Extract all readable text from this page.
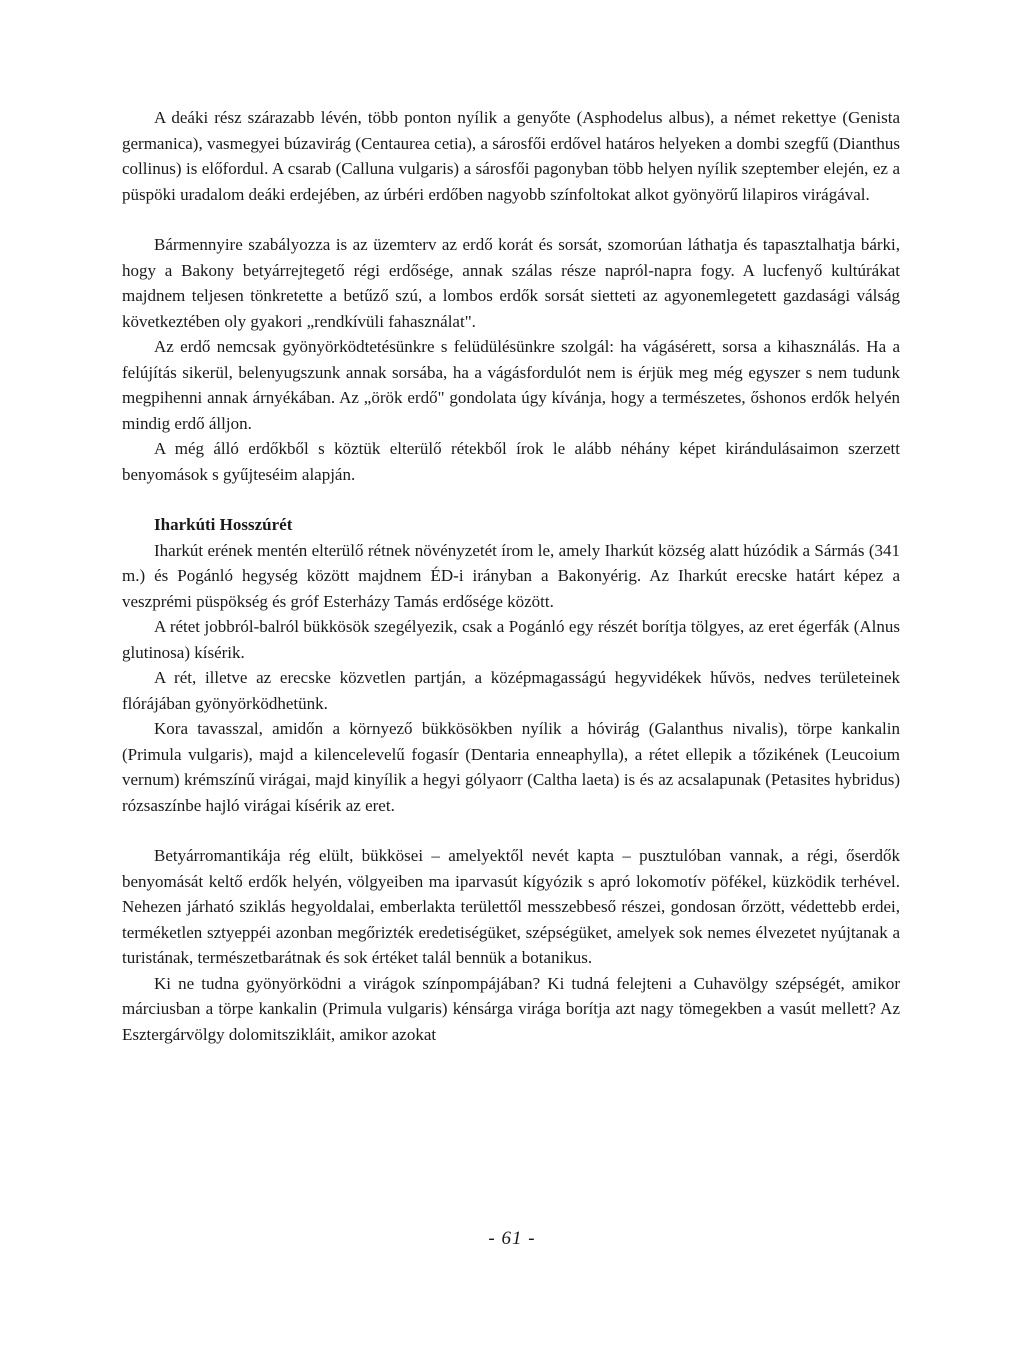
A deáki rész szárazabb lévén, több ponton nyílik a genyőte (Asphodelus albus), a német rekettye (Genista germanica), vasmegyei búzavirág (Centaurea cetia), a sárosfői erdővel határos helyeken a dombi szegfű (Dianthus collinus) is előfordul. A csarab (Calluna vulgaris) a sárosfői pagonyban több helyen nyílik szeptember elején, ez a püspöki uradalom deáki erdejében, az úrbéri erdőben nagyobb színfoltokat alkot gyönyörű lilapiros virágával.

Bármennyire szabályozza is az üzemterv az erdő korát és sorsát, szomorúan láthatja és tapasztalhatja bárki, hogy a Bakony betyárrejtegető régi erdősége, annak szálas része napról-napra fogy. A lucfenyő kultúrákat majdnem teljesen tönkretette a betűző szú, a lombos erdők sorsát sietteti az agyonemlegetett gazdasági válság következtében oly gyakori „rendkívüli fahasználat".

Az erdő nemcsak gyönyörködtetésünkre s felüdülésünkre szolgál: ha vágásérett, sorsa a kihasználás. Ha a felújítás sikerül, belenyugszunk annak sorsába, ha a vágásfordulót nem is érjük meg még egyszer s nem tudunk megpihenni annak árnyékában. Az „örök erdő" gondolata úgy kívánja, hogy a természetes, őshonos erdők helyén mindig erdő álljon.

A még álló erdőkből s köztük elterülő rétekből írok le alább néhány képet kirándulásaimon szerzett benyomások s gyűjteséim alapján.

Iharkúti Hosszúrét

Iharkút erének mentén elterülő rétnek növényzetét írom le, amely Iharkút község alatt húzódik a Sármás (341 m.) és Pogánló hegység között majdnem ÉD-i irányban a Bakonyérig. Az Iharkút erecske határt képez a veszprémi püspökség és gróf Esterházy Tamás erdősége között.

A rétet jobbról-balról bükkösök szegélyezik, csak a Pogánló egy részét borítja tölgyes, az eret égerfák (Alnus glutinosa) kísérik.

A rét, illetve az erecske közvetlen partján, a középmagasságú hegyvidékek hűvös, nedves területeinek flórájában gyönyörködhetünk.

Kora tavasszal, amidőn a környező bükkösökben nyílik a hóvirág (Galanthus nivalis), törpe kankalin (Primula vulgaris), majd a kilencelevelű fogasír (Dentaria enneaphylla), a rétet ellepik a tőzikének (Leucoium vernum) krémszínű virágai, majd kinyílik a hegyi gólyaorr (Caltha laeta) is és az acsalapunak (Petasites hybridus) rózsaszínbe hajló virágai kísérik az eret.

Betyárromantikája rég elült, bükkösei – amelyektől nevét kapta – pusztulóban vannak, a régi, őserdők benyomását keltő erdők helyén, völgyeiben ma iparvasút kígyózik s apró lokomotív pöfékel, küzködik terhével. Nehezen járható sziklás hegyoldalai, emberlakta területtől messzebbeső részei, gondosan őrzött, védettebb erdei, terméketlen sztyeppéi azonban megőrizték eredetiségüket, szépségüket, amelyek sok nemes élvezetet nyújtanak a turistának, természetbarátnak és sok értéket talál bennük a botanikus.

Ki ne tudna gyönyörködni a virágok színpompájában? Ki tudná felejteni a Cuhavölgy szépségét, amikor márciusban a törpe kankalin (Primula vulgaris) kénsárga virága borítja azt nagy tömegekben a vasút mellett? Az Esztergárvölgy dolomitszikláit, amikor azokat

- 61 -
